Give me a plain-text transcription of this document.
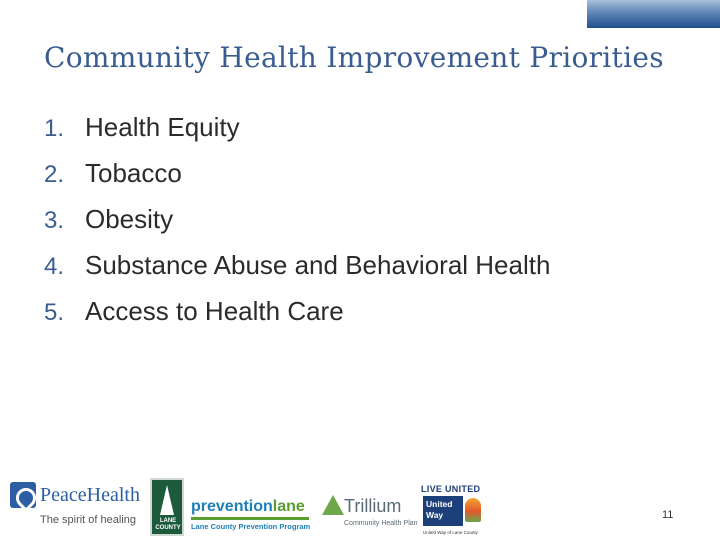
Community Health Improvement Priorities
1. Health Equity
2. Tobacco
3. Obesity
4. Substance Abuse and Behavioral Health
5. Access to Health Care
PeaceHealth
The spirit of healing	LANE COUNTY
preventionlane
Lane County Prevention Program
Trillium
Community Health Plan
LIVE UNITED
United
Way
United Way of Lane County
11
